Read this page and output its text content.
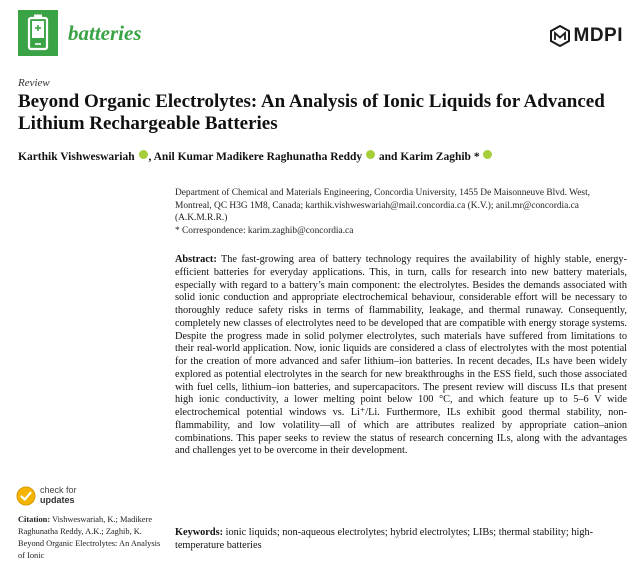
batteries	MDPI
Review
Beyond Organic Electrolytes: An Analysis of Ionic Liquids for Advanced Lithium Rechargeable Batteries
Karthik Vishweswariah , Anil Kumar Madikere Raghunatha Reddy  and Karim Zaghib *
Department of Chemical and Materials Engineering, Concordia University, 1455 De Maisonneuve Blvd. West, Montreal, QC H3G 1M8, Canada; karthik.vishweswariah@mail.concordia.ca (K.V.); anil.mr@concordia.ca (A.K.M.R.R.)
* Correspondence: karim.zaghib@concordia.ca
Abstract: The fast-growing area of battery technology requires the availability of highly stable, energy-efficient batteries for everyday applications. This, in turn, calls for research into new battery materials, especially with regard to a battery’s main component: the electrolytes. Besides the demands associated with solid ionic conduction and appropriate electrochemical behaviour, considerable effort will be necessary to thoroughly reduce safety risks in terms of flammability, leakage, and thermal runaway. Consequently, completely new classes of electrolytes need to be developed that are compatible with energy storage systems. Despite the progress made in solid polymer electrolytes, such materials have suffered from limitations to their real-world application. Now, ionic liquids are considered a class of electrolytes with the most potential for the creation of more advanced and safer lithium–ion batteries. In recent decades, ILs have been widely explored as potential electrolytes in the search for new breakthroughs in the ESS field, such those associated with fuel cells, lithium–ion batteries, and supercapacitors. The present review will discuss ILs that present high ionic conductivity, a lower melting point below 100 °C, and which feature up to 5–6 V wide electrochemical potential windows vs. Li⁺/Li. Furthermore, ILs exhibit good thermal stability, non-flammability, and low volatility—all of which are attributes realized by appropriate cation–anion combinations. This paper seeks to review the status of research concerning ILs, along with the advantages and challenges yet to be overcome in their development.
Keywords: ionic liquids; non-aqueous electrolytes; hybrid electrolytes; LIBs; thermal stability; high-temperature batteries
check for
updates
Citation: Vishweswariah, K.; Madikere Raghunatha Reddy, A.K.; Zaghib, K. Beyond Organic Electrolytes: An Analysis of Ionic
